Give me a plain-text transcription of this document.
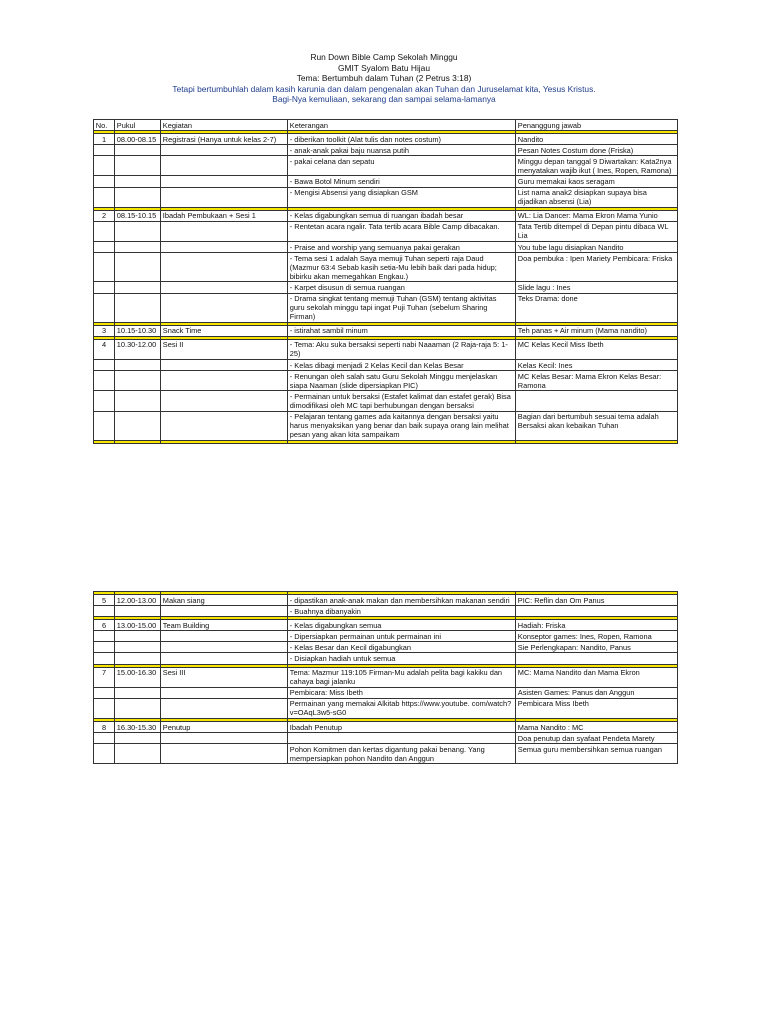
Run Down Bible Camp Sekolah Minggu
GMIT Syalom Batu Hijau
Tema: Bertumbuh dalam Tuhan (2 Petrus 3:18)
Tetapi bertumbuhlah dalam kasih karunia dan dalam pengenalan akan Tuhan dan Juruselamat kita, Yesus Kristus.
Bagi-Nya kemuliaan, sekarang dan sampai selama-lamanya
No.	Pukul	Kegiatan	Keterangan	Penanggung jawab

1	08.00-08.15	Registrasi (Hanya untuk kelas 2-7)	- diberikan toolkit (Alat tulis dan notes costum)	Nandito
			- anak-anak pakai baju nuansa putih	Pesan Notes Costum done (Friska)
			- pakai celana dan sepatu	Minggu depan tanggal 9 Diwartakan: Kata2nya menyatakan wajib ikut ( Ines, Ropen, Ramona)
			- Bawa Botol Minum sendiri	Guru memakai kaos seragam
			- Mengisi Absensi yang disiapkan GSM	List nama anak2 disiapkan supaya bisa dijadikan absensi (Lia)

2	08.15-10.15	Ibadah Pembukaan + Sesi 1	- Kelas digabungkan semua di ruangan ibadah besar	WL: Lia Dancer: Mama Ekron Mama Yunio
			- Rentetan acara ngalir. Tata tertib acara Bible Camp dibacakan.	Tata Tertib ditempel di Depan pintu dibaca WL Lia
			- Praise and worship yang semuanya pakai gerakan	You tube lagu disiapkan Nandito
			- Tema sesi 1 adalah Saya memuji Tuhan seperti raja Daud (Mazmur 63:4 Sebab kasih setia-Mu lebih baik dari pada hidup; bibirku akan memegahkan Engkau.)	Doa pembuka : Ipen Mariety Pembicara: Friska
			- Karpet disusun di semua ruangan	Slide lagu : Ines
			- Drama singkat tentang memuji Tuhan (GSM) tentang aktivitas guru sekolah minggu tapi ingat Puji Tuhan (sebelum Sharing Firman)	Teks Drama: done

3	10.15-10.30	Snack Time	- istirahat sambil minum	Teh panas + Air minum (Mama nandito)

4	10.30-12.00	Sesi II	- Tema: Aku suka bersaksi seperti nabi Naaaman (2 Raja-raja 5: 1-25)	MC Kelas Kecil Miss Ibeth
			- Kelas dibagi menjadi 2 Kelas Kecil dan Kelas Besar	Kelas Kecil: Ines
			- Renungan oleh salah satu Guru Sekolah Minggu menjelaskan siapa Naaman (slide dipersiapkan PIC)	MC Kelas Besar: Mama Ekron Kelas Besar: Ramona
			- Permainan untuk bersaksi (Estafet kalimat dan estafet gerak) Bisa dimodifikasi oleh MC tapi berhubungan dengan bersaksi	
			- Pelajaran tentang games ada kaitannya dengan bersaksi yaitu harus menyaksikan yang benar dan baik supaya orang lain melihat pesan yang akan kita sampaikam	Bagian dari bertumbuh sesuai tema adalah Bersaksi akan kebaikan Tuhan

5	12.00-13.00	Makan siang	- dipastikan anak-anak makan dan membersihkan makanan sendiri	PIC: Reflin dan Om Panus
			- Buahnya dibanyakin	

6	13.00-15.00	Team Building	- Kelas digabungkan semua	Hadiah: Friska
			- Dipersiapkan permainan untuk permainan ini	Konseptor games: Ines, Ropen, Ramona
			- Kelas Besar dan Kecil digabungkan	Sie Perlengkapan: Nandito, Panus
			- Disiapkan hadiah untuk semua	

7	15.00-16.30	Sesi III	Tema: Mazmur 119:105 Firman-Mu adalah pelita bagi kakiku dan cahaya bagi jalanku	MC: Mama Nandito dan Mama Ekron
			Pembicara: Miss Ibeth	Asisten Games: Panus dan Anggun
			Permainan yang memakai Alkitab https://www.youtube. com/watch?v=OAqL3w5-sG0	Pembicara Miss Ibeth

8	16.30-15.30	Penutup	Ibadah Penutup	Mama Nandito : MC
				Doa penutup dan syafaat Pendeta Marety
			Pohon Komitmen dan kertas digantung pakai benang. Yang mempersiapkan pohon Nandito dan Anggun	Semua guru membersihkan semua ruangan
